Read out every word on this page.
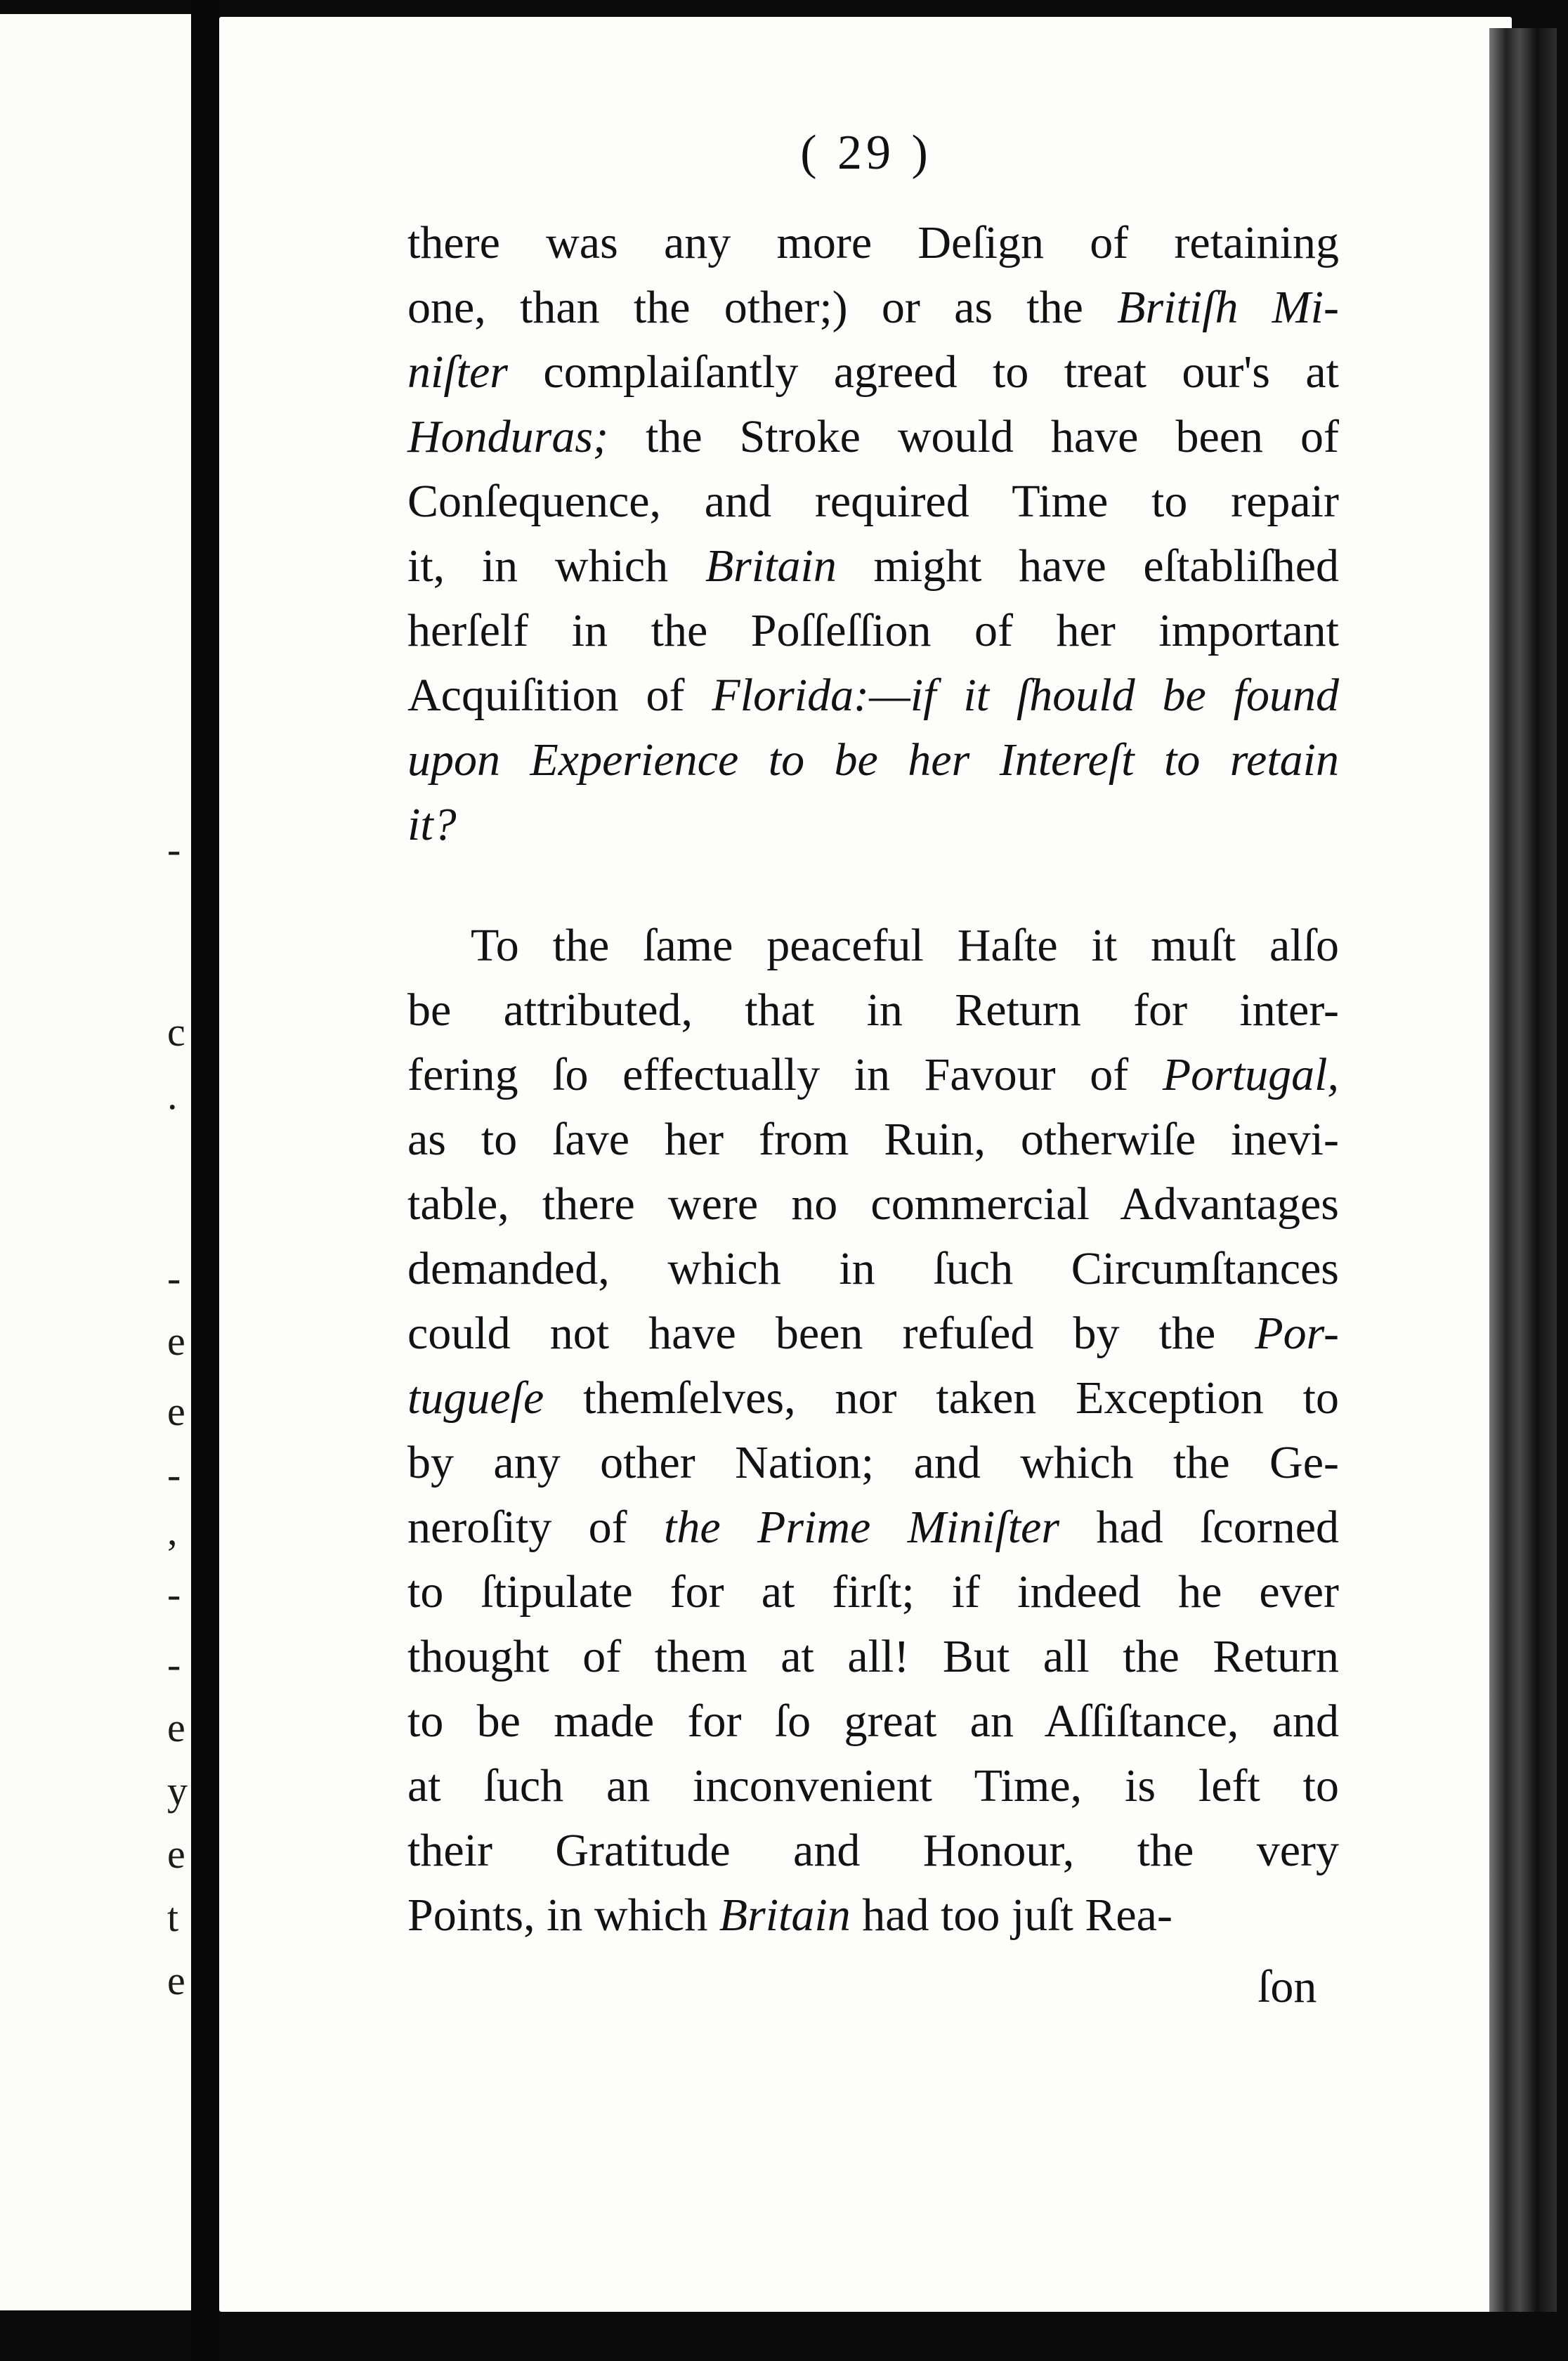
-
c
.
-
e
e
-
,
-
-
e
y
e
t
e
( 29 )
there was any more Deſign of retaining
one, than the other;) or as the Britiſh Mi-
niſter complaiſantly agreed to treat our's at
Honduras; the Stroke would have been of
Conſequence, and required Time to repair
it, in which Britain might have eſtabliſhed
herſelf in the Poſſeſſion of her important
Acquiſition of Florida:—if it ſhould be found
upon Experience to be her Intereſt to retain
it?
To the ſame peaceful Haſte it muſt alſo
be attributed, that in Return for inter-
fering ſo effectually in Favour of Portugal,
as to ſave her from Ruin, otherwiſe inevi-
table, there were no commercial Advantages
demanded, which in ſuch Circumſtances
could not have been refuſed by the Por-
tugueſe themſelves, nor taken Exception to
by any other Nation; and which the Ge-
neroſity of the Prime Miniſter had ſcorned
to ſtipulate for at firſt; if indeed he ever
thought of them at all! But all the Return
to be made for ſo great an Aſſiſtance, and
at ſuch an inconvenient Time, is left to
their Gratitude and Honour, the very
Points, in which Britain had too juſt Rea-
ſon
